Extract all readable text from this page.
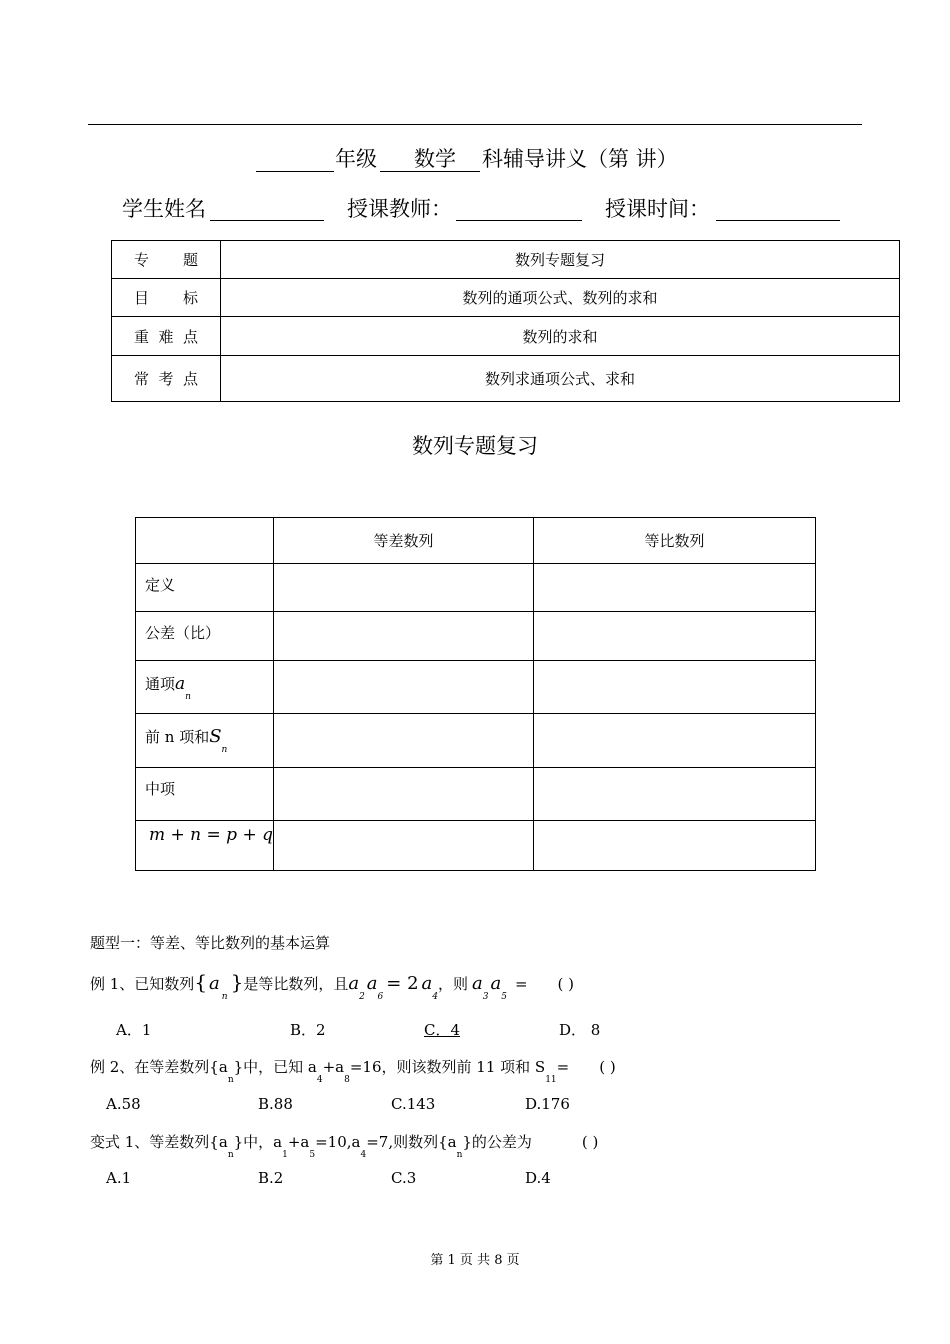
年级 数学 科辅导讲义（第 讲）
学生姓名	授课教师：	授课时间：
专 题	数列专题复习

目 标	数列的通项公式、数列的求和

重 难 点	数列的求和

常 考 点	数列求通项公式、求和
数列专题复习
	等差数列	等比数列
定义		
公差（比）		
通项$a_n$		
前 n 项和$S_n$		
中项		
m + n = p + q		
题型一：等差、等比数列的基本运算
例 1、已知数列{ $a_n$}是等比数列，且$a_2a_6= 2$ $a_4$，则 $a_3a_5=$ ( )
A．1	B．2	C．4	D． 8
例 2、在等差数列$\{a_n\}$中，已知 $a_4+a_8=16$，则该数列前 11 项和 $S_{11}=$ ( )
A.58	B.88	C.143	D.176
变式 1、等差数列$\{a_n\}$中，$a_1+a_5=10,a_4=7$,则数列$\{a_n\}$的公差为	( )
A.1	B.2	C.3	D.4
第 1 页 共 8 页
